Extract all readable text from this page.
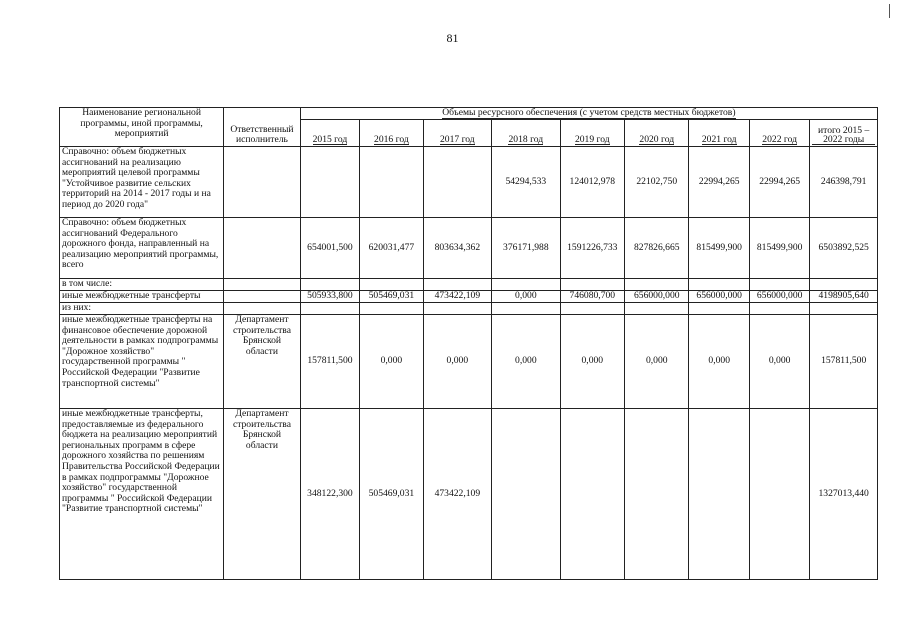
81
Наименование региональной программы, иной программы, мероприятий	Ответственный исполнитель	Объемы ресурсного обеспечения (с учетом средств местных бюджетов)								
		2015 год	2016 год	2017 год	2018 год	2019 год	2020 год	2021 год	2022 год	итого 2015 – 2022 годы
Справочно: объем бюджетных ассигнований на реализацию мероприятий целевой программы "Устойчивое развитие сельских территорий на 2014 - 2017 годы и на период до 2020 года"					54294,533	124012,978	22102,750	22994,265	22994,265	246398,791
Справочно: объем бюджетных ассигнований Федерального дорожного фонда, направленный на реализацию мероприятий программы, всего		654001,500	620031,477	803634,362	376171,988	1591226,733	827826,665	815499,900	815499,900	6503892,525
в том числе:										
иные межбюджетные трансферты		505933,800	505469,031	473422,109	0,000	746080,700	656000,000	656000,000	656000,000	4198905,640
из них:										
иные межбюджетные трансферты на финансовое обеспечение дорожной деятельности в рамках подпрограммы "Дорожное хозяйство" государственной программы " Российской Федерации "Развитие транспортной системы"	Департамент строительства Брянской области	157811,500	0,000	0,000	0,000	0,000	0,000	0,000	0,000	157811,500
иные межбюджетные трансферты, предоставляемые из федерального бюджета на реализацию мероприятий региональных программ в сфере дорожного хозяйства по решениям Правительства Российской Федерации в рамках подпрограммы "Дорожное хозяйство" государственной программы " Российской Федерации "Развитие транспортной системы"	Департамент строительства Брянской области	348122,300	505469,031	473422,109						1327013,440
